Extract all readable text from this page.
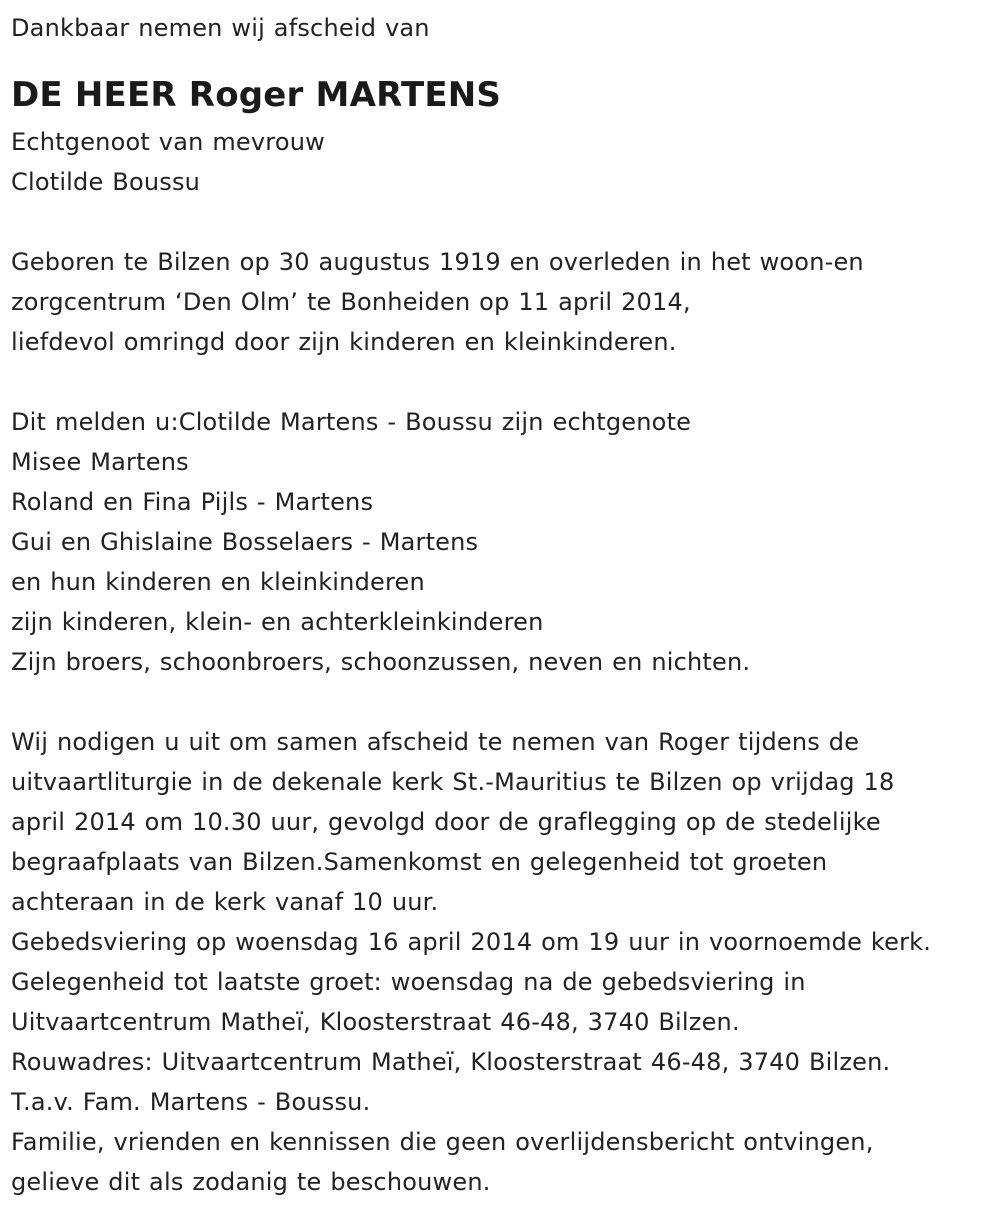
Dankbaar nemen wij afscheid van
DE HEER Roger MARTENS
Echtgenoot van mevrouw
Clotilde Boussu
Geboren te Bilzen op 30 augustus 1919 en overleden in het woon-en
zorgcentrum ‘Den Olm’ te Bonheiden op 11 april 2014,
liefdevol omringd door zijn kinderen en kleinkinderen.
Dit melden u:Clotilde Martens - Boussu zijn echtgenote
Misee Martens
Roland en Fina Pijls - Martens
Gui en Ghislaine Bosselaers - Martens
en hun kinderen en kleinkinderen
zijn kinderen, klein- en achterkleinkinderen
Zijn broers, schoonbroers, schoonzussen, neven en nichten.
Wij nodigen u uit om samen afscheid te nemen van Roger tijdens de
uitvaartliturgie in de dekenale kerk St.-Mauritius te Bilzen op vrijdag 18
april 2014 om 10.30 uur, gevolgd door de graflegging op de stedelijke
begraafplaats van Bilzen.Samenkomst en gelegenheid tot groeten
achteraan in de kerk vanaf 10 uur.
Gebedsviering op woensdag 16 april 2014 om 19 uur in voornoemde kerk.
Gelegenheid tot laatste groet: woensdag na de gebedsviering in
Uitvaartcentrum Matheï, Kloosterstraat 46-48, 3740 Bilzen.
Rouwadres: Uitvaartcentrum Matheï, Kloosterstraat 46-48, 3740 Bilzen.
T.a.v. Fam. Martens - Boussu.
Familie, vrienden en kennissen die geen overlijdensbericht ontvingen,
gelieve dit als zodanig te beschouwen.
